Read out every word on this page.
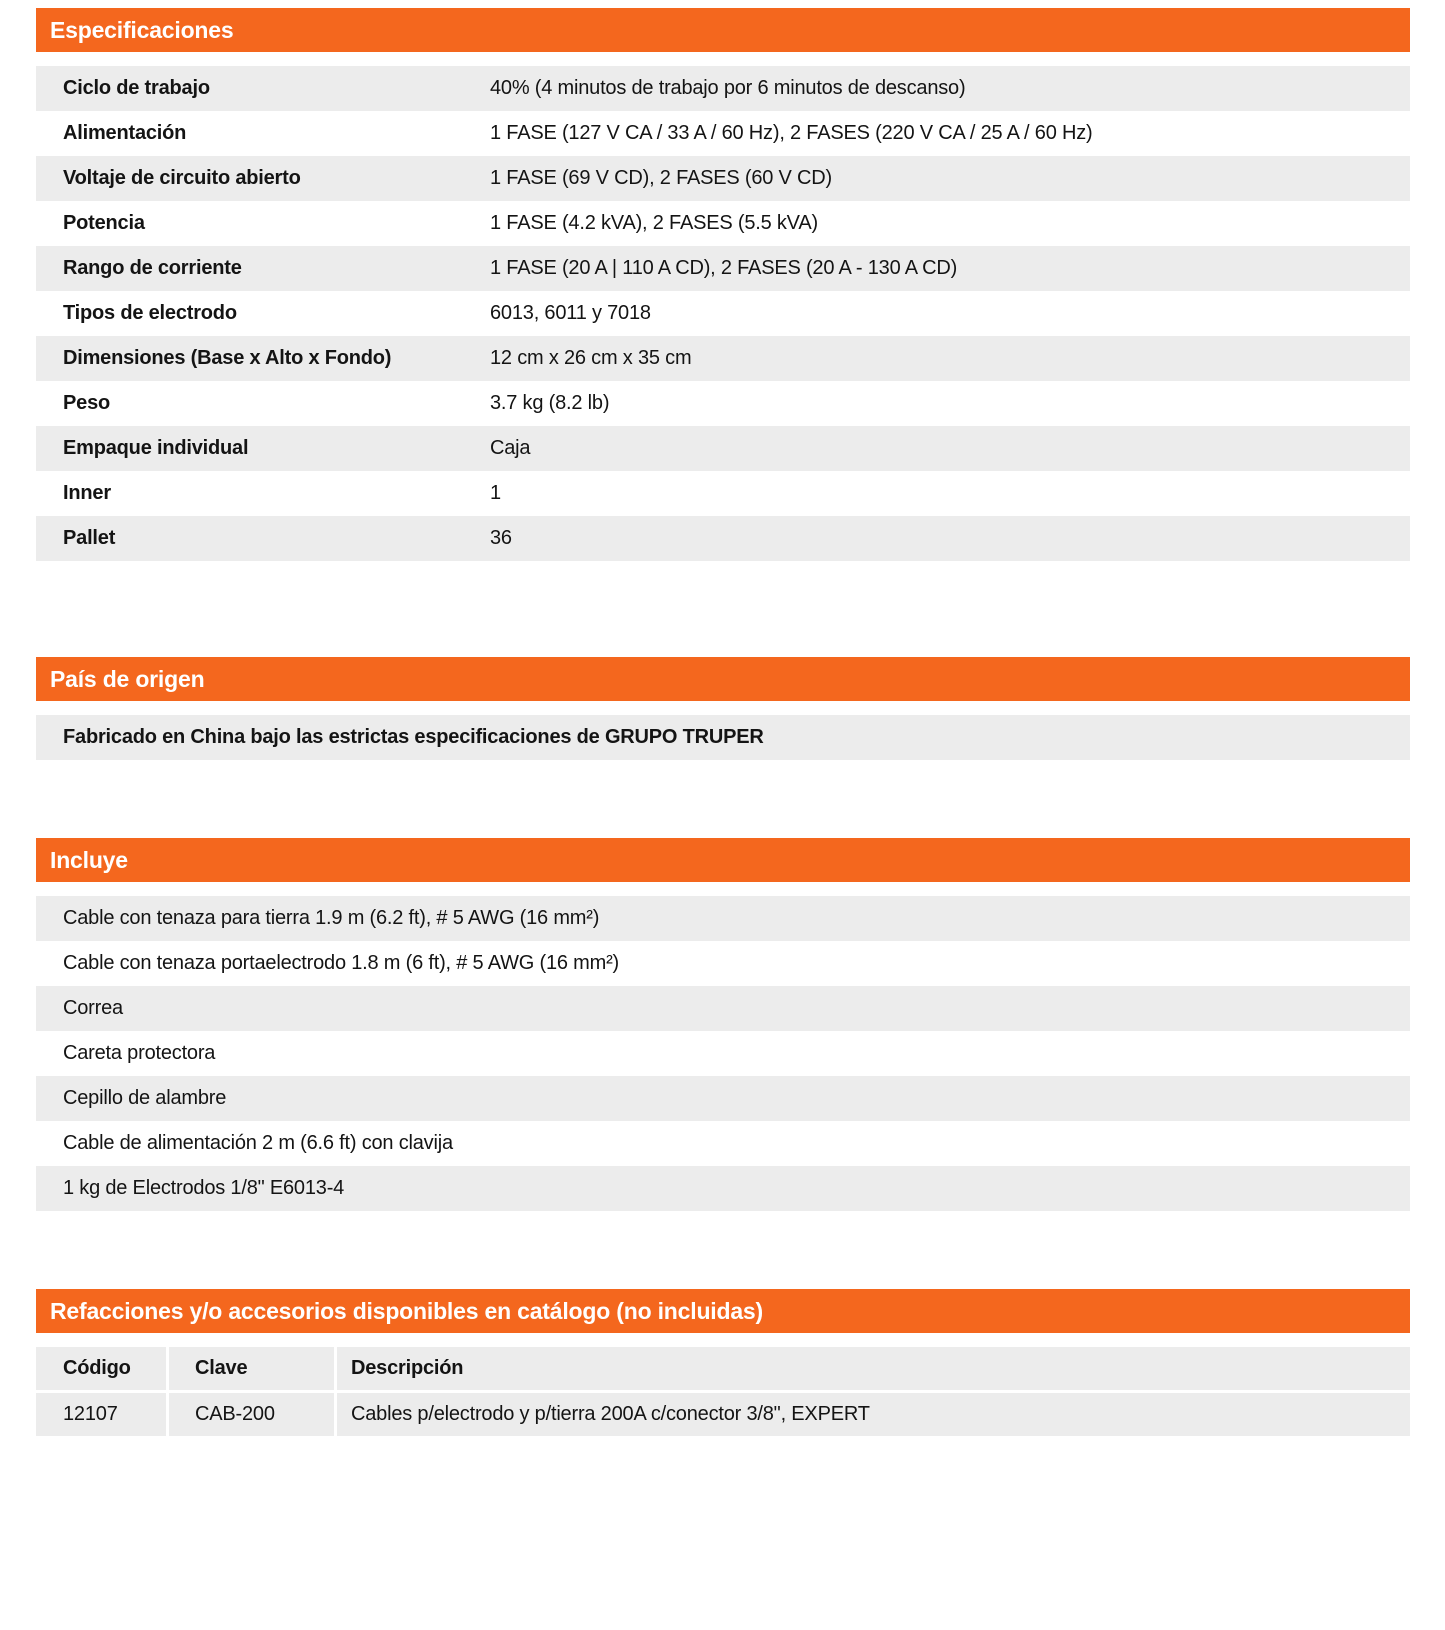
Especificaciones
Ciclo de trabajo	40% (4 minutos de trabajo por 6 minutos de descanso)
Alimentación	1 FASE (127 V CA / 33 A / 60 Hz), 2 FASES (220 V CA / 25 A / 60 Hz)
Voltaje de circuito abierto	1 FASE (69 V CD), 2 FASES (60 V CD)
Potencia	1 FASE (4.2 kVA), 2 FASES (5.5 kVA)
Rango de corriente	1 FASE (20 A | 110 A CD), 2 FASES (20 A - 130 A CD)
Tipos de electrodo	6013, 6011 y 7018
Dimensiones (Base x Alto x Fondo)	12 cm x 26 cm x 35 cm
Peso	3.7 kg (8.2 lb)
Empaque individual	Caja
Inner	1
Pallet	36
País de origen
Fabricado en China bajo las estrictas especificaciones de GRUPO TRUPER
Incluye
Cable con tenaza para tierra 1.9 m (6.2 ft), # 5 AWG (16 mm²)
Cable con tenaza portaelectrodo 1.8 m (6 ft), # 5 AWG (16 mm²)
Correa
Careta protectora
Cepillo de alambre
Cable de alimentación 2 m (6.6 ft) con clavija
1 kg de Electrodos 1/8" E6013-4
Refacciones y/o accesorios disponibles en catálogo (no incluidas)
Código	Clave	Descripción
12107	CAB-200	Cables p/electrodo y p/tierra 200A c/conector 3/8", EXPERT
